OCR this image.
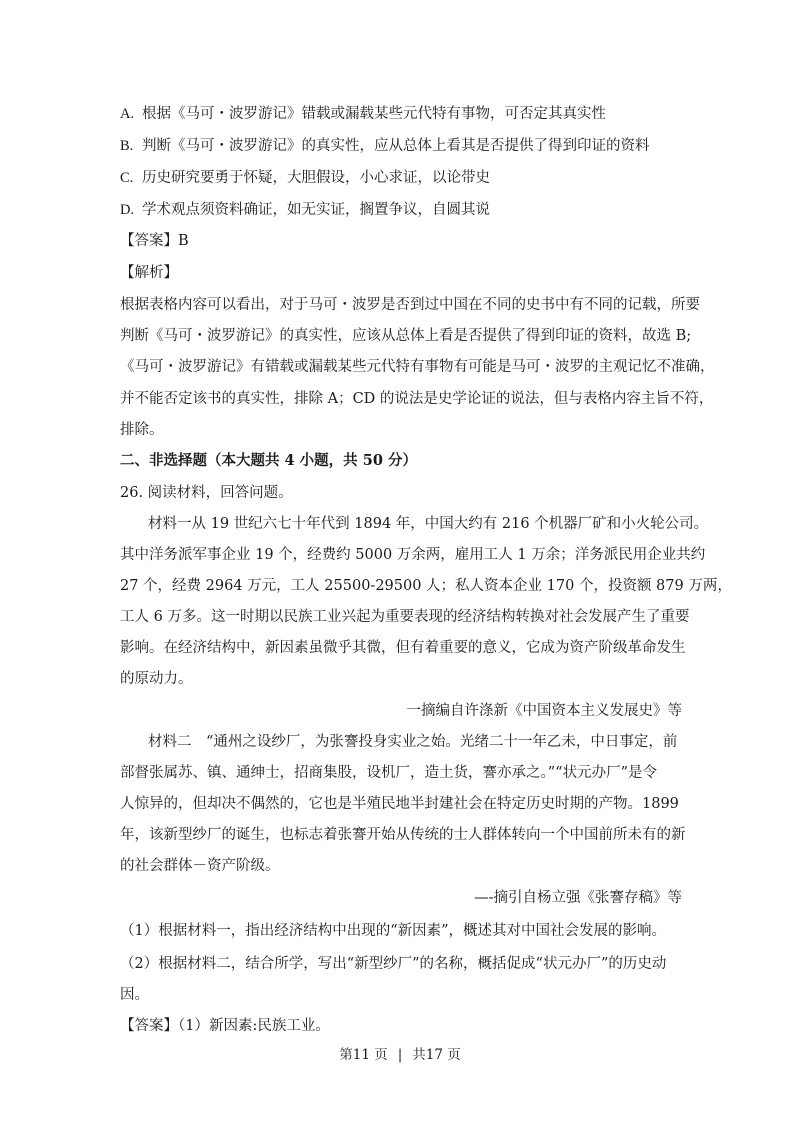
A. 根据《马可・波罗游记》错载或漏载某些元代特有事物，可否定其真实性
B. 判断《马可・波罗游记》的真实性，应从总体上看其是否提供了得到印证的资料
C. 历史研究要勇于怀疑，大胆假设，小心求证，以论带史
D. 学术观点须资料确证，如无实证，搁置争议，自圆其说
【答案】B
【解析】
根据表格内容可以看出，对于马可・波罗是否到过中国在不同的史书中有不同的记载，所要
判断《马可・波罗游记》的真实性，应该从总体上看是否提供了得到印证的资料，故选 B;
《马可・波罗游记》有错载或漏载某些元代特有事物有可能是马可・波罗的主观记忆不准确，
并不能否定该书的真实性，排除 A；CD 的说法是史学论证的说法，但与表格内容主旨不符，
排除。
二、非选择题（本大题共 4 小题，共 50 分）
26. 阅读材料，回答问题。
材料一从 19 世纪六七十年代到 1894 年，中国大约有 216 个机器厂矿和小火轮公司。
其中洋务派军事企业 19 个，经费约 5000 万余两，雇用工人 1 万余；洋务派民用企业共约
27 个，经费 2964 万元，工人 25500-29500 人；私人资本企业 170 个，投资额 879 万两，
工人 6 万多。这一时期以民族工业兴起为重要表现的经济结构转换对社会发展产生了重要
影响。在经济结构中，新因素虽微乎其微，但有着重要的意义，它成为资产阶级革命发生
的原动力。
一摘编自许涤新《中国资本主义发展史》等
材料二　“通州之设纱厂，为张謇投身实业之始。光绪二十一年乙未，中日事定，前
部督张属苏、镇、通绅士，招商集股，设机厂，造土货，謇亦承之。”“状元办厂”是令
人惊异的，但却决不偶然的，它也是半殖民地半封建社会在特定历史时期的产物。1899
年，该新型纱厂的诞生，也标志着张謇开始从传统的士人群体转向一个中国前所未有的新
的社会群体－资产阶级。
—-摘引自杨立强《张謇存稿》等
（1）根据材料一，指出经济结构中出现的“新因素”，概述其对中国社会发展的影响。
（2）根据材料二，结合所学，写出“新型纱厂”的名称，概括促成“状元办厂”的历史动
因。
【答案】（1）新因素:民族工业。
第11 页 | 共17 页
